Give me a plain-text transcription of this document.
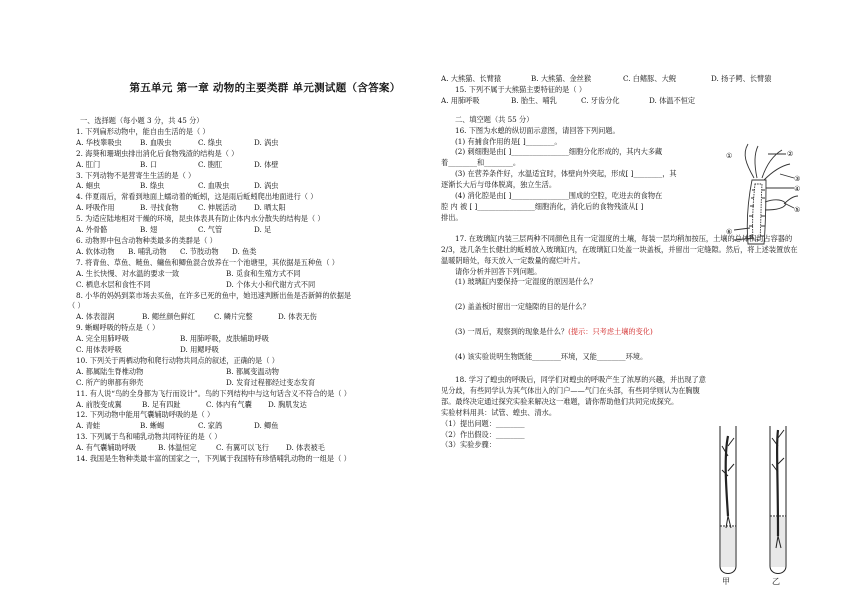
第五单元 第一章 动物的主要类群 单元测试题（含答案）
一、选择题（每小题 3 分，共 45 分）
1. 下列扁形动物中，能自由生活的是（ ）
A. 华枝睾吸虫	B. 血吸虫	C. 绦虫	D. 涡虫
2. 海葵和珊瑚虫排出消化后食物残渣的结构是（ ）
A. 肛门	B. 口	C. 胞肛	D. 体壁
3. 下列动物不是营寄生生活的是（ ）
A. 蛔虫	B. 绦虫	C. 血吸虫	D. 涡虫
4. 伴夏雨后，常看到地面上蠕动着的蚯蚓，这是雨后蚯蚓爬出地面进行（ ）
A. 呼吸作用	B. 寻找食物	C. 伸展活动 D. 晒太阳
5. 为适应陆地相对干燥的环境，昆虫体表具有防止体内水分散失的结构是（ ）
A. 外骨骼	B. 翅	C. 气管	D. 足
6. 动物界中包含动物种类最多的类群是（ ）
A. 软体动物 B. 哺乳动物 C. 节肢动物 D. 鱼类
7. 将青鱼、草鱼、鲢鱼、鳙鱼和鲫鱼混合放养在一个池塘里，其依据是五种鱼（ ）
A. 生长快慢、对水温的要求一致	B. 觅食和生殖方式不同
C. 栖息水层和食性不同	D. 个体大小和代谢方式不同
8. 小华的妈妈到菜市场去买鱼，在许多已死的鱼中，她迅速判断出鱼是否新鲜的依据是
（ ）
A. 体表湿润	B. 鳃丝颜色鲜红	C. 鳞片完整	D. 体表无伤
9. 蜥蜴呼吸的特点是（ ）
A. 完全用肺呼吸	B. 用肺呼吸，皮肤辅助呼吸
C. 用体表呼吸	D. 用鳃呼吸
10. 下列关于两栖动物和爬行动物共同点的叙述，正确的是（ ）
A. 都属陆生脊椎动物	B. 都属变温动物
C. 所产的卵都有卵壳	D. 发育过程都经过变态发育
11. 有人说“鸟的全身都为飞行而设计”。鸟的下列结构中与这句话含义不符合的是（ ）
A. 前肢变成翼	B. 足有四趾	C. 体内有气囊 D. 胸肌发达
12. 下列动物中能用气囊辅助呼吸的是（ ）
A. 青蛙	B. 蜥蜴	C. 家鸽	D. 鲫鱼
13. 下列属于鸟和哺乳动物共同特征的是（ ）
A. 有气囊辅助呼吸	B. 体温恒定	C. 有翼可以飞行 D. 体表被毛
14. 我国是生物种类最丰富的国家之一，下列属于我国特有珍惜哺乳动物的一组是（ ）
A. 大熊猫、长臂猿	B. 大熊猫、金丝猴	C. 白鳍豚、大鲵	D. 扬子鳄、长臂猿
15. 下列不属于大熊猫主要特征的是（ ）
A. 用肺呼吸	B. 胎生、哺乳	C. 牙齿分化	D. 体温不恒定
二、填空题（共 55 分）
16. 下图为水螅的纵切面示意图，请回答下列问题。
(1) 有捕食作用的是[ ]________。
(2) 刺细胞是由[ ]________________细胞分化形成的，其内大多藏
着________和________。
(3) 在营养条件好，水温适宜时，体壁向外突起，形成[ ]________，其
逐渐长大后与母体脱离，独立生活。
(4) 消化腔是由[ ]________________围成的空腔，吃进去的食物在
腔 内 被 [ ]________________细胞消化，消化后的食物残渣从[ ]
排出。
17. 在玻璃缸内装三层两种不同颜色且有一定湿度的土壤，每装一层均稍加按压，土壤的总体积约占容器的 2/3，选几条生长健壮的蚯蚓放入玻璃缸内，在玻璃缸口处盖一块盖板，并留出一定缝隙。然后，将上述装置放在温暖阴暗处，每天放入一定数量的腐烂叶片。
请你分析并回答下列问题。
(1) 玻璃缸内要保持一定湿度的原因是什么？
(2) 盖盖板时留出一定缝隙的目的是什么？
(3) 一周后，观察到的现象是什么？(提示：只考虑土壤的变化)
(4) 该实验说明生物既能________环境，又能________环境。
18. 学习了蝗虫的呼吸后，同学们对蝗虫的呼吸产生了浓厚的兴趣，并出现了意见分歧，有些同学认为其气体出入的门户——气门在头部，有些同学则认为在胸腹部。最终决定通过探究实验来解决这一难题，请你帮助他们共同完成探究。
实验材料用具：试管、蝗虫、清水。
（1）提出问题：________
（2）作出假设：________
（3）实验步骤：
①	②
③
④
⑤
⑥
甲	乙
